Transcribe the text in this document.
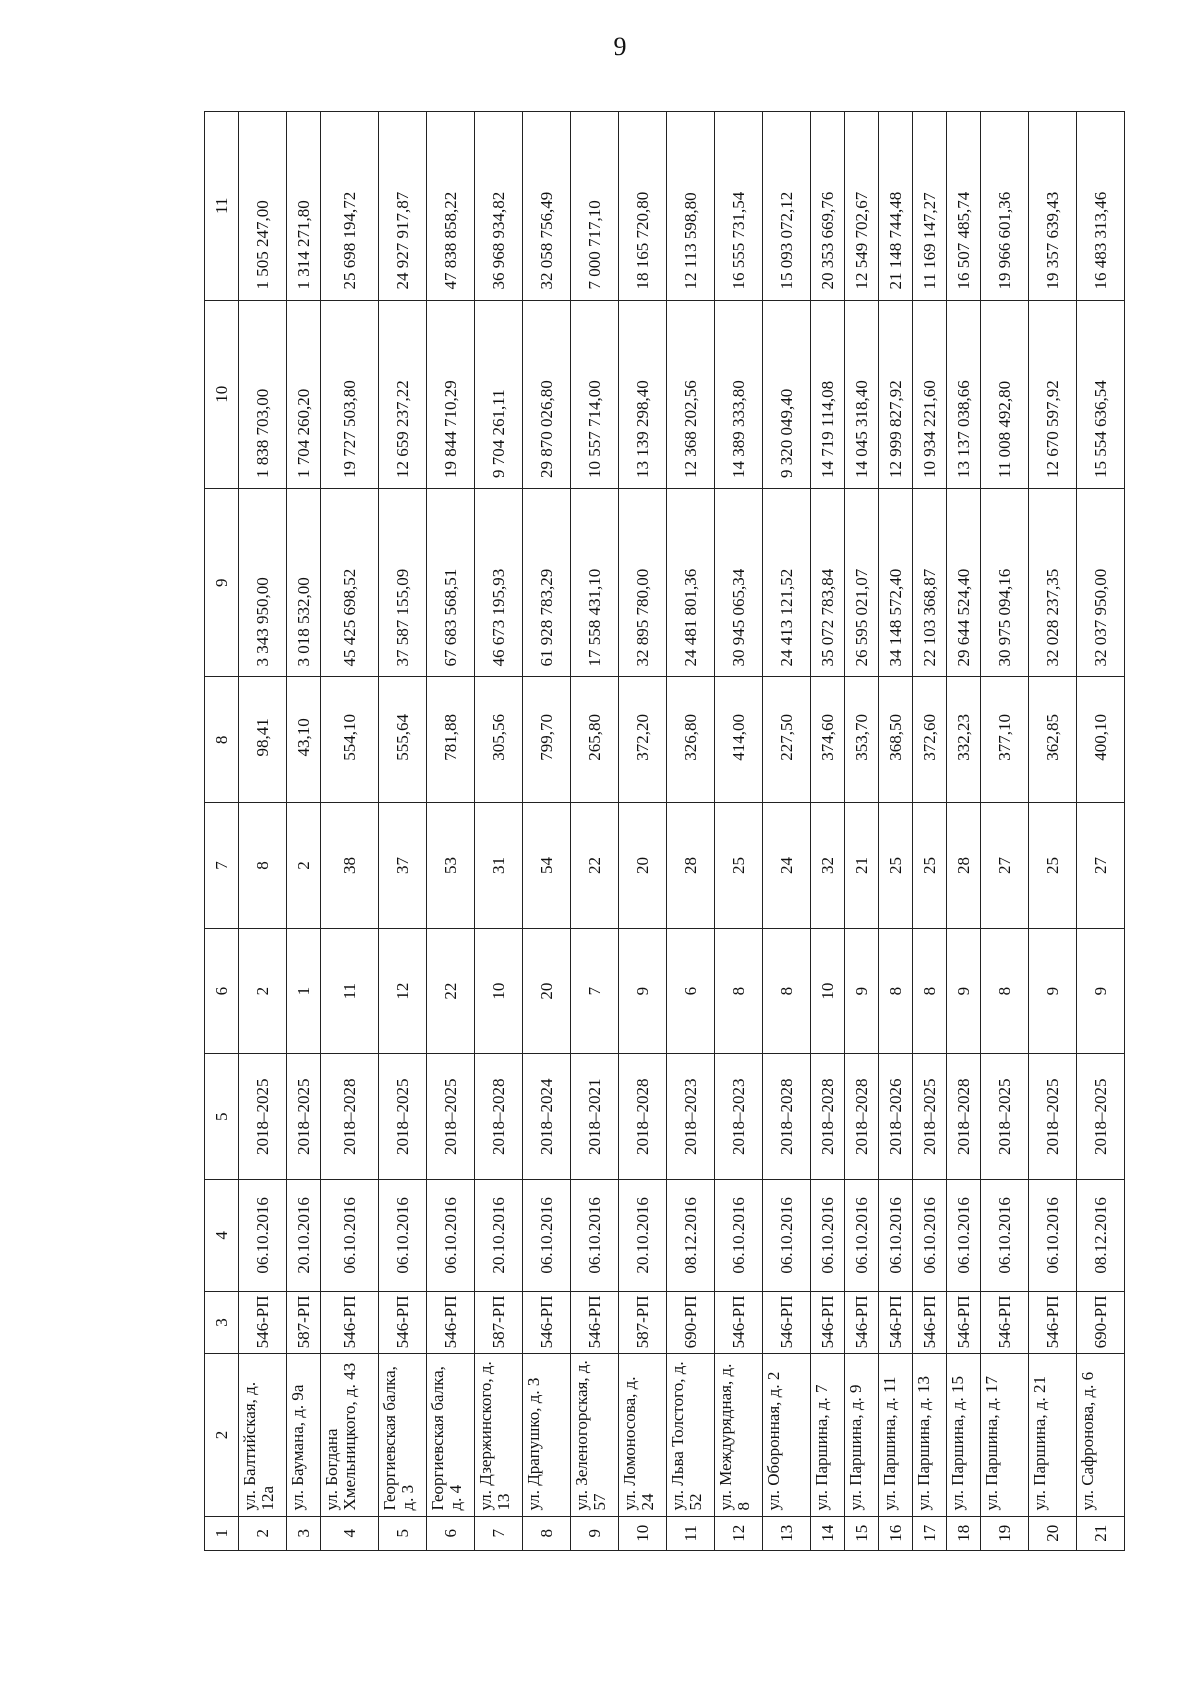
9
1	2	3	4	5	6	7	8	9	10	11
2	ул. Балтийская, д. 12а	546-РП	06.10.2016	2018–2025	2	8	98,41	3 343 950,00	1 838 703,00	1 505 247,00
3	ул. Баумана, д. 9а	587-РП	20.10.2016	2018–2025	1	2	43,10	3 018 532,00	1 704 260,20	1 314 271,80
4	ул. Богдана Хмельницкого, д. 43	546-РП	06.10.2016	2018–2028	11	38	554,10	45 425 698,52	19 727 503,80	25 698 194,72
5	Георгиевская балка, д. 3	546-РП	06.10.2016	2018–2025	12	37	555,64	37 587 155,09	12 659 237,22	24 927 917,87
6	Георгиевская балка, д. 4	546-РП	06.10.2016	2018–2025	22	53	781,88	67 683 568,51	19 844 710,29	47 838 858,22
7	ул. Дзержинского, д. 13	587-РП	20.10.2016	2018–2028	10	31	305,56	46 673 195,93	9 704 261,11	36 968 934,82
8	ул. Драпушко, д. 3	546-РП	06.10.2016	2018–2024	20	54	799,70	61 928 783,29	29 870 026,80	32 058 756,49
9	ул. Зеленогорская, д. 57	546-РП	06.10.2016	2018–2021	7	22	265,80	17 558 431,10	10 557 714,00	7 000 717,10
10	ул. Ломоносова, д. 24	587-РП	20.10.2016	2018–2028	9	20	372,20	32 895 780,00	13 139 298,40	18 165 720,80
11	ул. Льва Толстого, д. 52	690-РП	08.12.2016	2018–2023	6	28	326,80	24 481 801,36	12 368 202,56	12 113 598,80
12	ул. Междурядная, д. 8	546-РП	06.10.2016	2018–2023	8	25	414,00	30 945 065,34	14 389 333,80	16 555 731,54
13	ул. Оборонная, д. 2	546-РП	06.10.2016	2018–2028	8	24	227,50	24 413 121,52	9 320 049,40	15 093 072,12
14	ул. Паршина, д. 7	546-РП	06.10.2016	2018–2028	10	32	374,60	35 072 783,84	14 719 114,08	20 353 669,76
15	ул. Паршина, д. 9	546-РП	06.10.2016	2018–2028	9	21	353,70	26 595 021,07	14 045 318,40	12 549 702,67
16	ул. Паршина, д. 11	546-РП	06.10.2016	2018–2026	8	25	368,50	34 148 572,40	12 999 827,92	21 148 744,48
17	ул. Паршина, д. 13	546-РП	06.10.2016	2018–2025	8	25	372,60	22 103 368,87	10 934 221,60	11 169 147,27
18	ул. Паршина, д. 15	546-РП	06.10.2016	2018–2028	9	28	332,23	29 644 524,40	13 137 038,66	16 507 485,74
19	ул. Паршина, д. 17	546-РП	06.10.2016	2018–2025	8	27	377,10	30 975 094,16	11 008 492,80	19 966 601,36
20	ул. Паршина, д. 21	546-РП	06.10.2016	2018–2025	9	25	362,85	32 028 237,35	12 670 597,92	19 357 639,43
21	ул. Сафронова, д. 6	690-РП	08.12.2016	2018–2025	9	27	400,10	32 037 950,00	15 554 636,54	16 483 313,46
